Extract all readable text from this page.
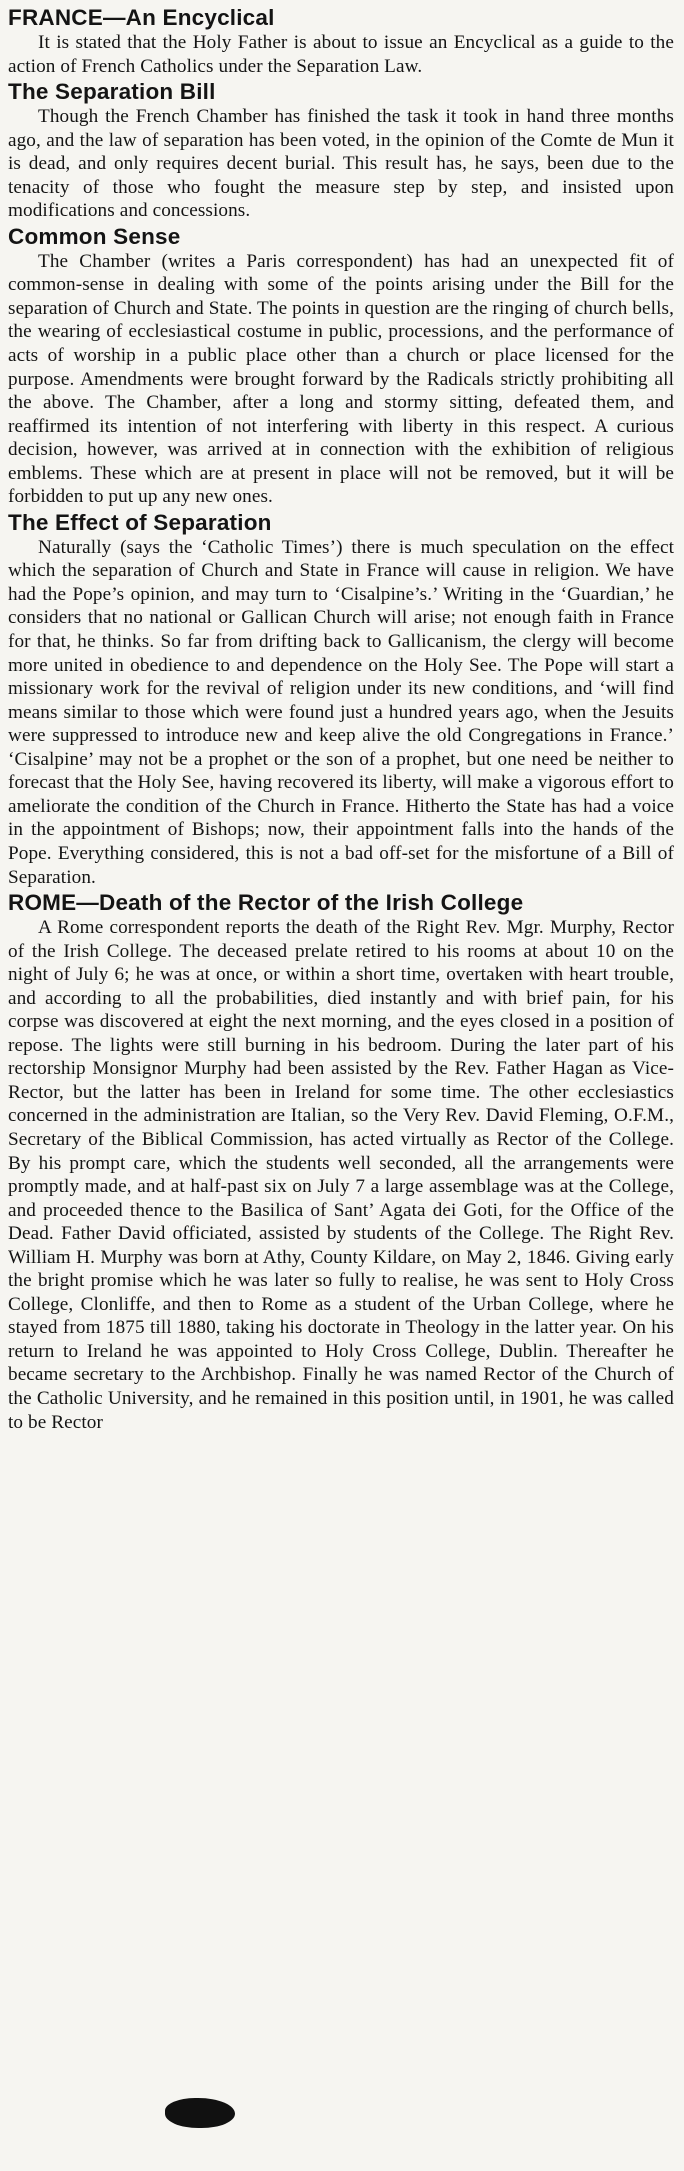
FRANCE—An Encyclical

It is stated that the Holy Father is about to issue an Encyclical as a guide to the action of French Catholics under the Separation Law.

The Separation Bill

Though the French Chamber has finished the task it took in hand three months ago, and the law of separation has been voted, in the opinion of the Comte de Mun it is dead, and only requires decent burial. This result has, he says, been due to the tenacity of those who fought the measure step by step, and insisted upon modifications and concessions.

Common Sense

The Chamber (writes a Paris correspondent) has had an unexpected fit of common-sense in dealing with some of the points arising under the Bill for the separation of Church and State. The points in question are the ringing of church bells, the wearing of ecclesiastical costume in public, processions, and the performance of acts of worship in a public place other than a church or place licensed for the purpose. Amendments were brought forward by the Radicals strictly prohibiting all the above. The Chamber, after a long and stormy sitting, defeated them, and reaffirmed its intention of not interfering with liberty in this respect. A curious decision, however, was arrived at in connection with the exhibition of religious emblems. These which are at present in place will not be removed, but it will be forbidden to put up any new ones.

The Effect of Separation

Naturally (says the ‘Catholic Times’) there is much speculation on the effect which the separation of Church and State in France will cause in religion. We have had the Pope’s opinion, and may turn to ‘Cisalpine’s.’ Writing in the ‘Guardian,’ he considers that no national or Gallican Church will arise; not enough faith in France for that, he thinks. So far from drifting back to Gallicanism, the clergy will become more united in obedience to and dependence on the Holy See. The Pope will start a missionary work for the revival of religion under its new conditions, and ‘will find means similar to those which were found just a hundred years ago, when the Jesuits were suppressed to introduce new and keep alive the old Congregations in France.’ ‘Cisalpine’ may not be a prophet or the son of a prophet, but one need be neither to forecast that the Holy See, having recovered its liberty, will make a vigorous effort to ameliorate the condition of the Church in France. Hitherto the State has had a voice in the appointment of Bishops; now, their appointment falls into the hands of the Pope. Everything considered, this is not a bad off-set for the misfortune of a Bill of Separation.

ROME—Death of the Rector of the Irish College

A Rome correspondent reports the death of the Right Rev. Mgr. Murphy, Rector of the Irish College. The deceased prelate retired to his rooms at about 10 on the night of July 6; he was at once, or within a short time, overtaken with heart trouble, and according to all the probabilities, died instantly and with brief pain, for his corpse was discovered at eight the next morning, and the eyes closed in a position of repose. The lights were still burning in his bedroom. During the later part of his rectorship Monsignor Murphy had been assisted by the Rev. Father Hagan as Vice-Rector, but the latter has been in Ireland for some time. The other ecclesiastics concerned in the administration are Italian, so the Very Rev. David Fleming, O.F.M., Secretary of the Biblical Commission, has acted virtually as Rector of the College. By his prompt care, which the students well seconded, all the arrangements were promptly made, and at half-past six on July 7 a large assemblage was at the College, and proceeded thence to the Basilica of Sant’ Agata dei Goti, for the Office of the Dead. Father David officiated, assisted by students of the College. The Right Rev. William H. Murphy was born at Athy, County Kildare, on May 2, 1846. Giving early the bright promise which he was later so fully to realise, he was sent to Holy Cross College, Clonliffe, and then to Rome as a student of the Urban College, where he stayed from 1875 till 1880, taking his doctorate in Theology in the latter year. On his return to Ireland he was appointed to Holy Cross College, Dublin. Thereafter he became secretary to the Archbishop. Finally he was named Rector of the Church of the Catholic University, and he remained in this position until, in 1901, he was called to be Rector
